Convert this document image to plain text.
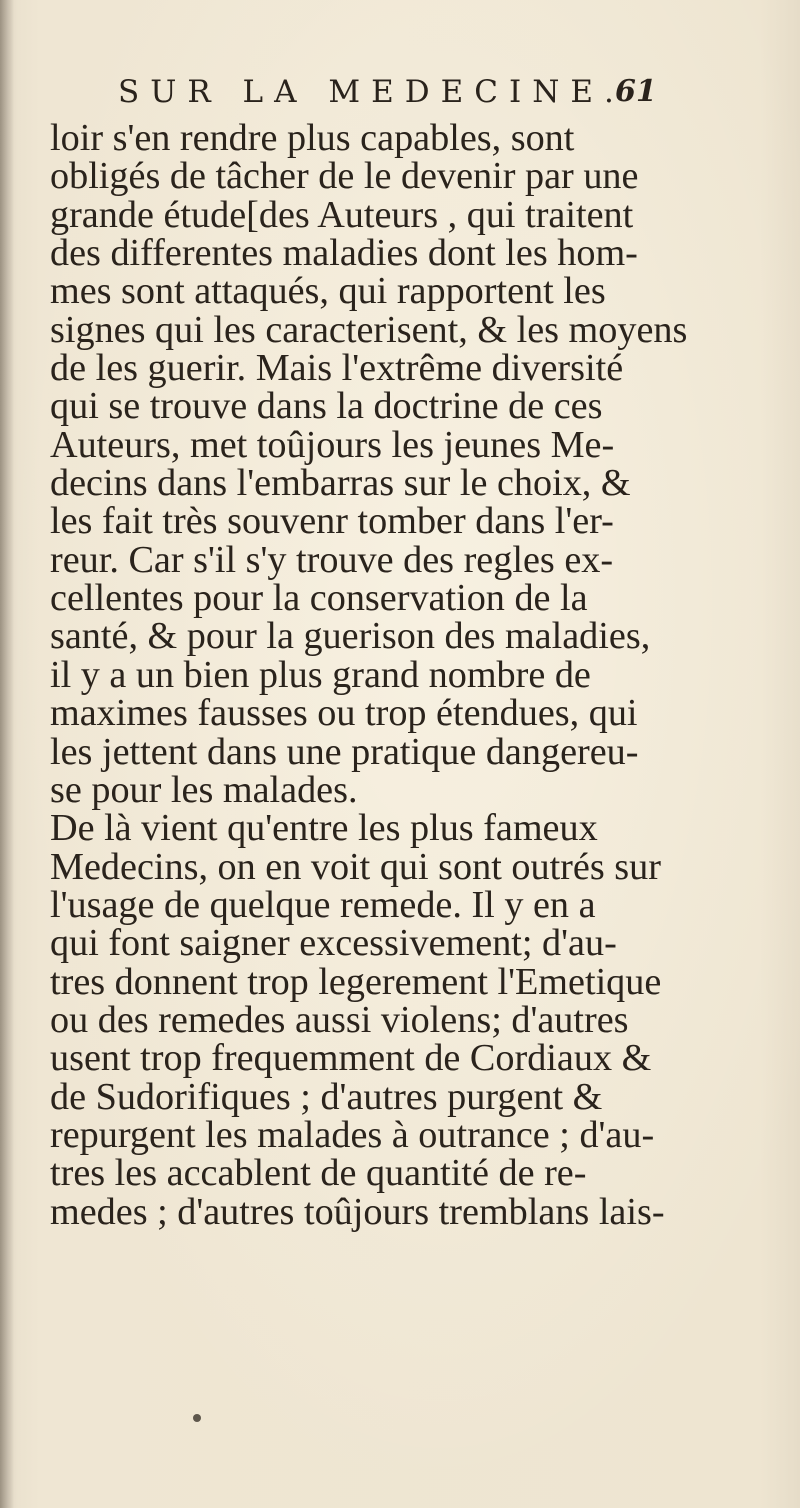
SUR LA MEDECINE.
61
loir s'en rendre plus capables, sont
obligés de tâcher de le devenir par une
grande étude[des Auteurs , qui traitent
des differentes maladies dont les hom-
mes sont attaqués, qui rapportent les
signes qui les caracterisent, & les moyens
de les guerir. Mais l'extrême diversité
qui se trouve dans la doctrine de ces
Auteurs, met toûjours les jeunes Me-
decins dans l'embarras sur le choix, &
les fait très souvenr tomber dans l'er-
reur. Car s'il s'y trouve des regles ex-
cellentes pour la conservation de la
santé, & pour la guerison des maladies,
il y a un bien plus grand nombre de
maximes fausses ou trop étendues, qui
les jettent dans une pratique dangereu-
se pour les malades.
De là vient qu'entre les plus fameux
Medecins, on en voit qui sont outrés sur
l'usage de quelque remede. Il y en a
qui font saigner excessivement; d'au-
tres donnent trop legerement l'Emetique
ou des remedes aussi violens; d'autres
usent trop frequemment de Cordiaux &
de Sudorifiques ; d'autres purgent &
repurgent les malades à outrance ; d'au-
tres les accablent de quantité de re-
medes ; d'autres toûjours tremblans lais-
